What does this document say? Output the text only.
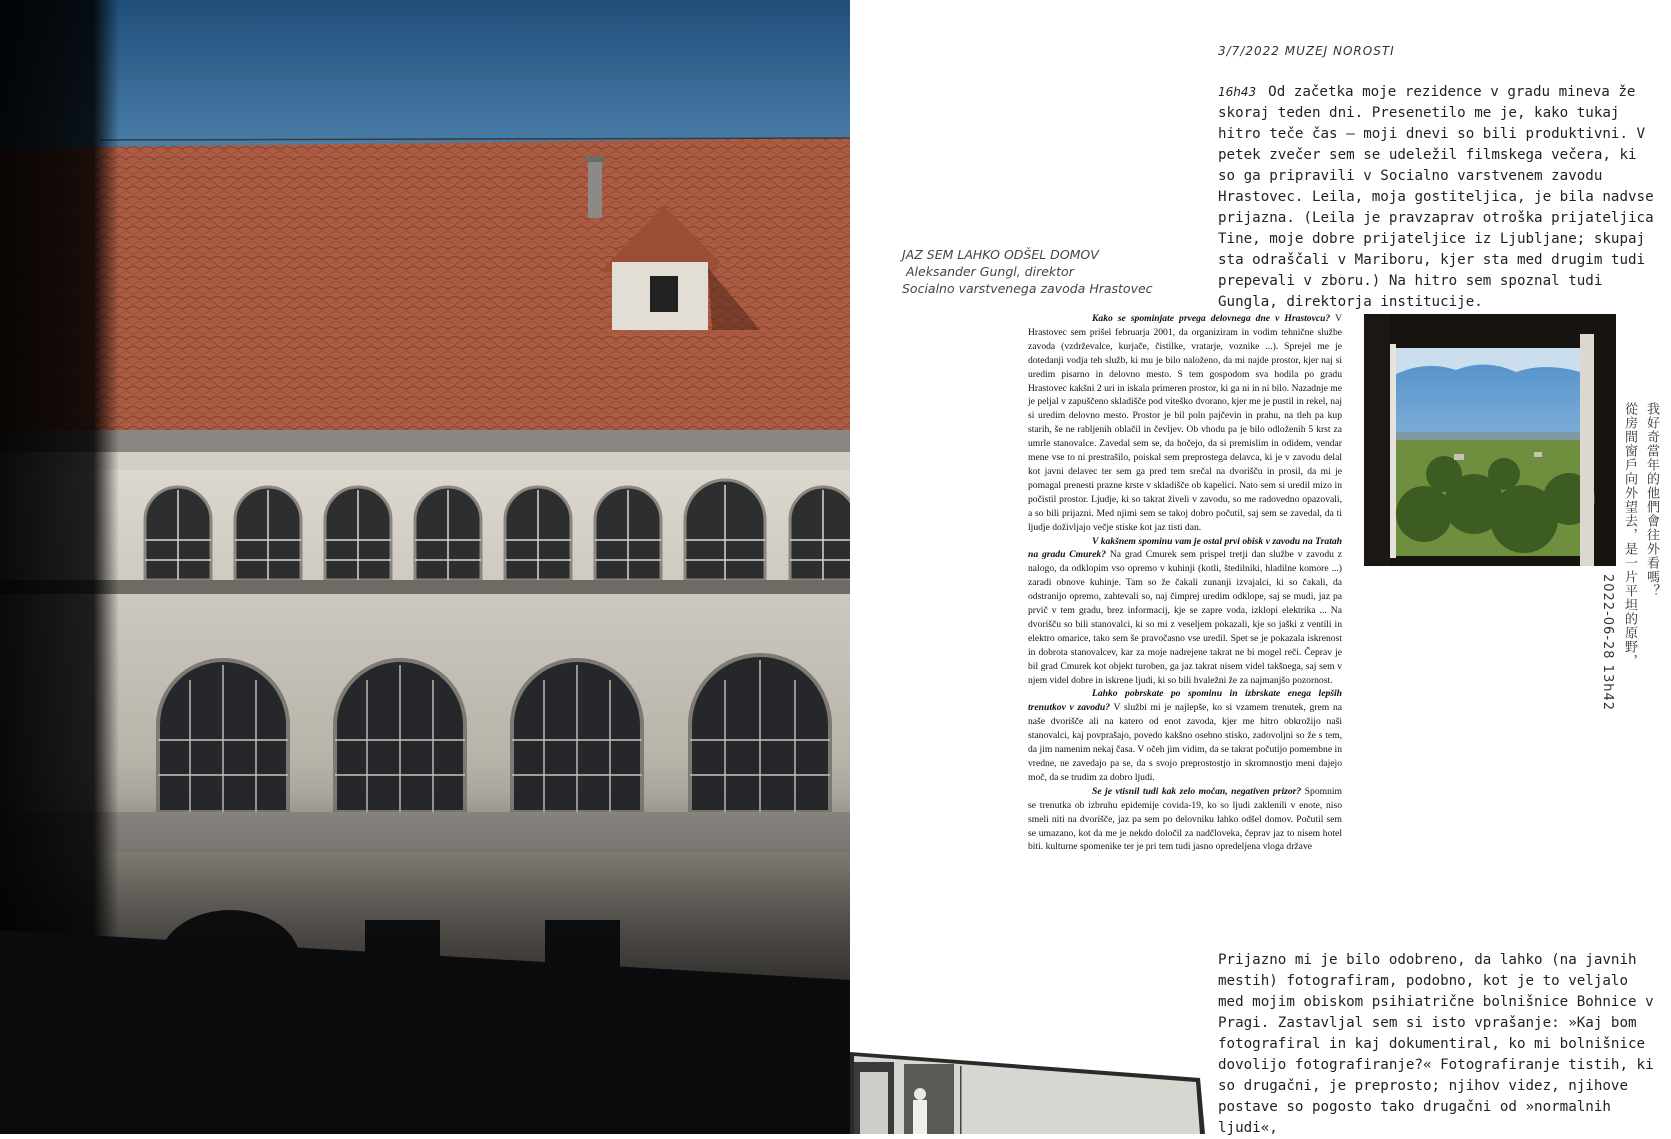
3/7/2022 MUZEJ NOROSTI

16h43 Od začetka moje rezidence v gradu mineva že skoraj teden dni. Presenetilo me je, kako tukaj hitro teče čas – moji dnevi so bili produktivni. V petek zvečer sem se udeležil filmskega večera, ki so ga pripravili v Socialno varstvenem zavodu Hrastovec. Leila, moja gostiteljica, je bila nadvse prijazna. (Leila je pravzaprav otroška prijateljica Tine, moje dobre prijateljice iz Ljubljane; skupaj sta odraščali v Mariboru, kjer sta med drugim tudi prepevali v zboru.) Na hitro sem spoznal tudi Gungla, direktorja institucije.

JAZ SEM LAHKO ODŠEL DOMOV
Aleksander Gungl, direktor
Socialno varstvenega zavoda Hrastovec

Kako se spominjate prvega delovnega dne v Hrastovcu? V Hrastovec sem prišel februarja 2001, da organiziram in vodim tehnične službe zavoda (vzdrževalce, kurjače, čistilke, vratarje, voznike ...). Sprejel me je dotedanji vodja teh služb, ki mu je bilo naloženo, da mi najde prostor, kjer naj si uredim pisarno in delovno mesto. S tem gospodom sva hodila po gradu Hrastovec kakšni 2 uri in iskala primeren prostor, ki ga ni in ni bilo. Nazadnje me je peljal v zapuščeno skladišče pod viteško dvorano, kjer me je pustil in rekel, naj si uredim delovno mesto. Prostor je bil poln pajčevin in prahu, na tleh pa kup starih, še ne rabljenih oblačil in čevljev. Ob vhodu pa je bilo odloženih 5 krst za umrle stanovalce. Zavedal sem se, da hočejo, da si premislim in odidem, vendar mene vse to ni prestrašilo, poiskal sem preprostega delavca, ki je v zavodu delal kot javni delavec ter sem ga pred tem srečal na dvorišču in prosil, da mi je pomagal prenesti prazne krste v skladišče ob kapelici. Nato sem si uredil mizo in počistil prostor. Ljudje, ki so takrat živeli v zavodu, so me radovedno opazovali, a so bili prijazni. Med njimi sem se takoj dobro počutil, saj sem se zavedal, da ti ljudje doživljajo večje stiske kot jaz tisti dan.

V kakšnem spominu vam je ostal prvi obisk v zavodu na Tratah na gradu Cmurek? Na grad Cmurek sem prispel tretji dan službe v zavodu z nalogo, da odklopim vso opremo v kuhinji (kotli, štedilniki, hladilne komore ...) zaradi obnove kuhinje. Tam so že čakali zunanji izvajalci, ki so čakali, da odstranijo opremo, zahtevali so, naj čimprej uredim odklope, saj se mudi, jaz pa prvič v tem gradu, brez informacij, kje se zapre voda, izklopi elektrika ... Na dvorišču so bili stanovalci, ki so mi z veseljem pokazali, kje so jaški z ventili in elektro omarice, tako sem še pravočasno vse uredil. Spet se je pokazala iskrenost in dobrota stanovalcev, kar za moje nadrejene takrat ne bi mogel reči. Čeprav je bil grad Cmurek kot objekt turoben, ga jaz takrat nisem videl takšnega, saj sem v njem videl dobre in iskrene ljudi, ki so bili hvaležni že za najmanjšo pozornost.

Lahko pobrskate po spominu in izbrskate enega lepših trenutkov v zavodu? V službi mi je najlepše, ko si vzamem trenutek, grem na naše dvorišče ali na katero od enot zavoda, kjer me hitro obkrožijo naši stanovalci, kaj povprašajo, povedo kakšno osebno stisko, zadovoljni so že s tem, da jim namenim nekaj časa. V očeh jim vidim, da se takrat počutijo pomembne in vredne, ne zavedajo pa se, da s svojo preprostostjo in skromnostjo meni dajejo moč, da se trudim za dobro ljudi.

Se je vtisnil tudi kak zelo močan, negativen prizor? Spomnim se trenutka ob izbruhu epidemije covida-19, ko so ljudi zaklenili v enote, niso smeli niti na dvorišče, jaz pa sem po delovniku lahko odšel domov. Počutil sem se umazano, kot da me je nekdo določil za nadčloveka, čeprav jaz to nisem hotel biti. kulturne spomenike ter je pri tem tudi jasno opredeljena vloga države

2022-06-28 13h42 從房間窗戶向外望去，是一片平坦的原野， 我好奇當年的他們會往外看嗎？

Prijazno mi je bilo odobreno, da lahko (na javnih mestih) fotografiram, podobno, kot je to veljalo med mojim obiskom psihiatrične bolnišnice Bohnice v Pragi. Zastavljal sem si isto vprašanje: »Kaj bom fotografiral in kaj dokumentiral, ko mi bolnišnice dovolijo fotografiranje?« Fotografiranje tistih, ki so drugačni, je preprosto; njihov videz, njihove postave so pogosto tako drugačni od »normalnih ljudi«,
